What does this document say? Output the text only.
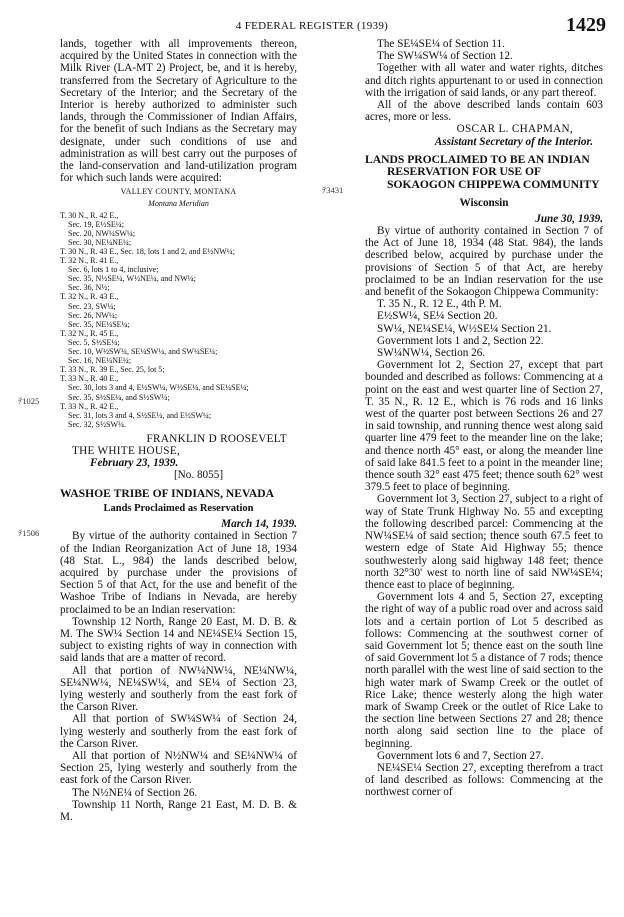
4 FEDERAL REGISTER (1939)	1429
ﾃ1025
ﾃ1506
ﾃ3431

lands, together with all improvements thereon, acquired by the United States in connection with the Milk River (LA-MT 2) Project, be, and it is hereby, transferred from the Secretary of Agriculture to the Secretary of the Interior; and the Secretary of the Interior is hereby authorized to administer such lands, through the Commissioner of Indian Affairs, for the benefit of such Indians as the Secretary may designate, under such conditions of use and administration as will best carry out the purposes of the land-conservation and land-utilization program for which such lands were acquired:

VALLEY COUNTY, MONTANA
Montana Meridian
T. 30 N., R. 42 E.,
Sec. 19, E½SE¼;
Sec. 20, NW¼SW¼;
Sec. 30, NE¼NE¼;
T. 30 N., R. 43 E., Sec. 18, lots 1 and 2, and E½NW¼;
T. 32 N., R. 41 E.,
Sec. 6, lots 1 to 4, inclusive;
Sec. 35, N½SE¼, W½NE¼, and NW¼;
Sec. 36, N½;
T. 32 N., R. 43 E.,
Sec. 23, SW¼;
Sec. 26, NW¼;
Sec. 35, NE¼SE¼;
T. 32 N., R. 45 E.,
Sec. 5, S½SE¼;
Sec. 10, W½SW¼, SE¼SW¼, and SW¼SE¼;
Sec. 16, NE¼NE¼;
T. 33 N., R. 39 E., Sec. 25, lot 5;
T. 33 N., R. 40 E.,
Sec. 30, lots 3 and 4, E½SW¼, W½SE¼, and SE¼SE¼;
Sec. 35, S½SE¼, and S½SW¼;
T. 33 N., R. 42 E.,
Sec. 31, lots 3 and 4, S½SE¼, and E½SW¼;
Sec. 32, S½SW¼.
FRANKLIN D ROOSEVELT
THE WHITE HOUSE,
February 23, 1939.
[No. 8055]
WASHOE TRIBE OF INDIANS, NEVADA
Lands Proclaimed as Reservation
March 14, 1939.

By virtue of the authority contained in Section 7 of the Indian Reorganization Act of June 18, 1934 (48 Stat. L., 984) the lands described below, acquired by purchase under the provisions of Section 5 of that Act, for the use and benefit of the Washoe Tribe of Indians in Nevada, are hereby proclaimed to be an Indian reservation:

Township 12 North, Range 20 East, M. D. B. & M. The SW¼ Section 14 and NE¼SE¼ Section 15, subject to existing rights of way in connection with said lands that are a matter of record.

All that portion of NW¼NW¼, NE¼NW¼, SE¼NW¼, NE¼SW¼, and SE¼ of Section 23, lying westerly and southerly from the east fork of the Carson River.

All that portion of SW¼SW¼ of Section 24, lying westerly and southerly from the east fork of the Carson River.

All that portion of N½NW¼ and SE¼NW¼ of Section 25, lying westerly and southerly from the east fork of the Carson River.

The N½NE¼ of Section 26.

Township 11 North, Range 21 East, M. D. B. & M.

The SE¼SE¼ of Section 11.

The SW¼SW¼ of Section 12.

Together with all water and water rights, ditches and ditch rights appurtenant to or used in connection with the irrigation of said lands, or any part thereof.

All of the above described lands contain 603 acres, more or less.

OSCAR L. CHAPMAN,
Assistant Secretary of the Interior.
LANDS PROCLAIMED TO BE AN INDIAN RESERVATION FOR USE OF SOKAOGON CHIPPEWA COMMUNITY
Wisconsin
June 30, 1939.

By virtue of authority contained in Section 7 of the Act of June 18, 1934 (48 Stat. 984), the lands described below, acquired by purchase under the provisions of Section 5 of that Act, are hereby proclaimed to be an Indian reservation for the use and benefit of the Sokaogon Chippewa Community:

T. 35 N., R. 12 E., 4th P. M.

E½SW¼, SE¼ Section 20.

SW¼, NE¼SE¼, W½SE¼ Section 21.

Government lots 1 and 2, Section 22.

SW¼NW¼, Section 26.

Government lot 2, Section 27, except that part bounded and described as follows: Commencing at a point on the east and west quarter line of Section 27, T. 35 N., R. 12 E., which is 76 rods and 16 links west of the quarter post between Sections 26 and 27 in said township, and running thence west along said quarter line 479 feet to the meander line on the lake; and thence north 45° east, or along the meander line of said lake 841.5 feet to a point in the meander line; thence south 32° east 475 feet; thence south 62° west 379.5 feet to place of beginning.

Government lot 3, Section 27, subject to a right of way of State Trunk Highway No. 55 and excepting the following described parcel: Commencing at the NW¼SE¼ of said section; thence south 67.5 feet to western edge of State Aid Highway 55; thence southwesterly along said highway 148 feet; thence north 32°30' west to north line of said NW¼SE¼; thence east to place of beginning.

Government lots 4 and 5, Section 27, excepting the right of way of a public road over and across said lots and a certain portion of Lot 5 described as follows: Commencing at the southwest corner of said Government lot 5; thence east on the south line of said Government lot 5 a distance of 7 rods; thence north parallel with the west line of said section to the high water mark of Swamp Creek or the outlet of Rice Lake; thence westerly along the high water mark of Swamp Creek or the outlet of Rice Lake to the section line between Sections 27 and 28; thence north along said section line to the place of beginning.

Government lots 6 and 7, Section 27.

NE¼SE¼ Section 27, excepting therefrom a tract of land described as follows: Commencing at the northwest corner of
